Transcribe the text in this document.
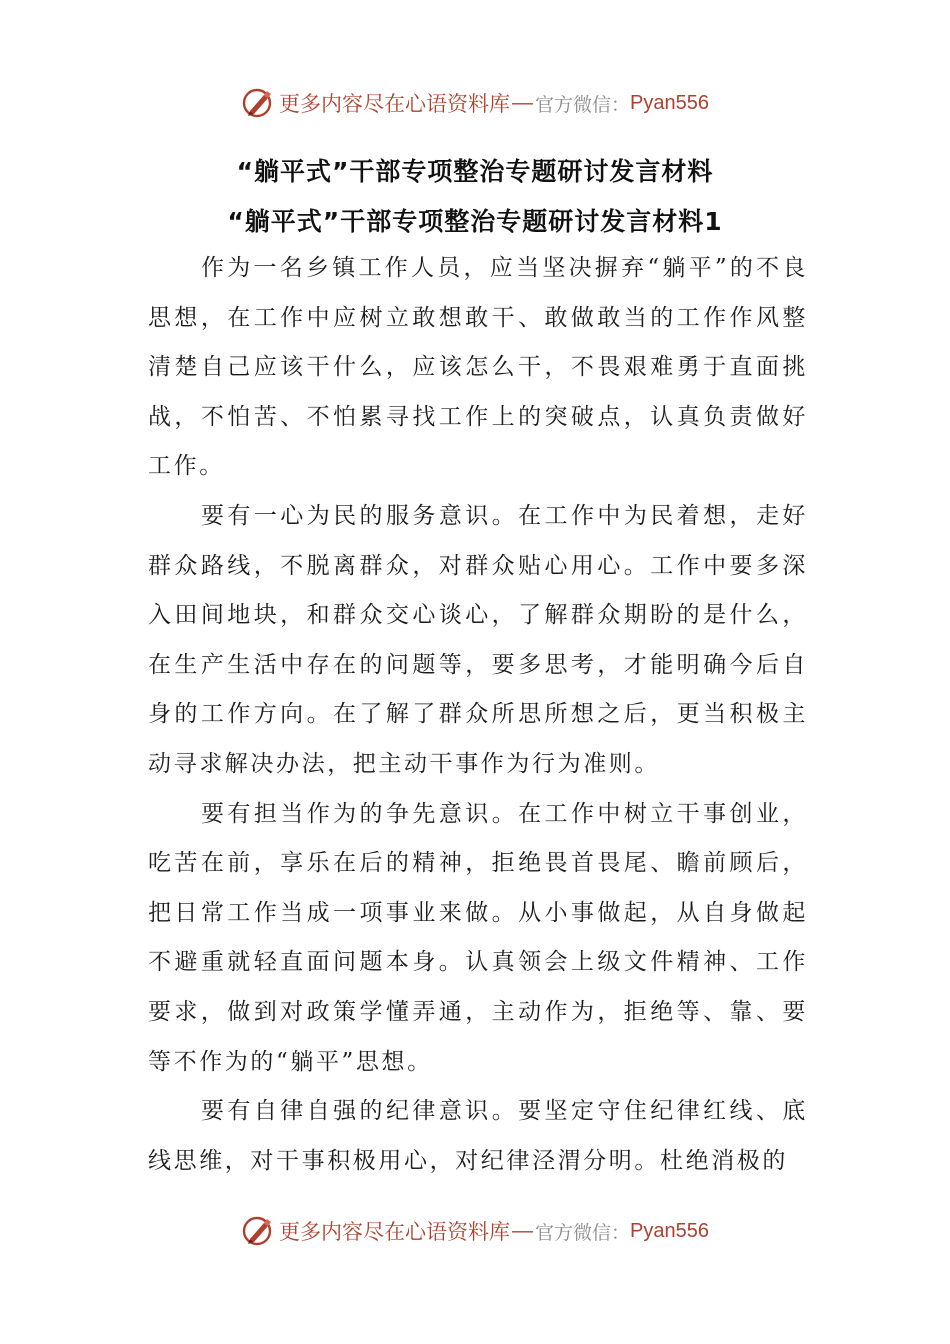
更多内容尽在心语资料库 — 官方微信： Pyan556
“躺平式”干部专项整治专题研讨发言材料
“躺平式”干部专项整治专题研讨发言材料1

作为一名乡镇工作人员，应当坚决摒弃“躺平”的不良思想，在工作中应树立敢想敢干、敢做敢当的工作作风整清楚自己应该干什么，应该怎么干，不畏艰难勇于直面挑战，不怕苦、不怕累寻找工作上的突破点，认真负责做好工作。

要有一心为民的服务意识。在工作中为民着想，走好群众路线，不脱离群众，对群众贴心用心。工作中要多深入田间地块，和群众交心谈心，了解群众期盼的是什么，在生产生活中存在的问题等，要多思考，才能明确今后自身的工作方向。在了解了群众所思所想之后，更当积极主动寻求解决办法，把主动干事作为行为准则。

要有担当作为的争先意识。在工作中树立干事创业，吃苦在前，享乐在后的精神，拒绝畏首畏尾、瞻前顾后，把日常工作当成一项事业来做。从小事做起，从自身做起不避重就轻直面问题本身。认真领会上级文件精神、工作要求，做到对政策学懂弄通，主动作为，拒绝等、靠、要等不作为的“躺平”思想。

要有自律自强的纪律意识。要坚定守住纪律红线、底线思维，对干事积极用心，对纪律泾渭分明。杜绝消极的

更多内容尽在心语资料库 — 官方微信： Pyan556
